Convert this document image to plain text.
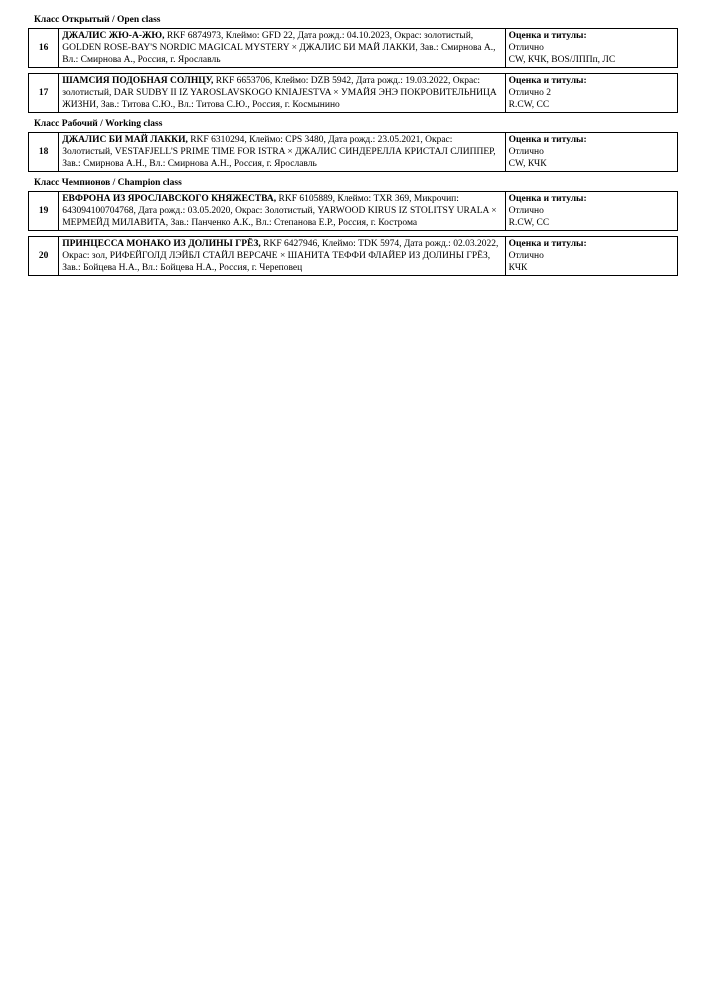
Класс Открытый / Open class
16	ДЖАЛИС ЖЮ-А-ЖЮ, RKF 6874973, Клеймо: GFD 22, Дата рожд.: 04.10.2023, Окрас: золотистый, GOLDEN ROSE-BAY'S NORDIC MAGICAL MYSTERY × ДЖАЛИС БИ МАЙ ЛАККИ, Зав.: Смирнова А., Вл.: Смирнова А., Россия, г. Ярославль	
Оценка и титулы:
Отлично
CW, КЧК, BOS/ЛППп, ЛС
17	ШАМСИЯ ПОДОБНАЯ СОЛНЦУ, RKF 6653706, Клеймо: DZB 5942, Дата рожд.: 19.03.2022, Окрас: золотистый, DAR SUDBY II IZ YAROSLAVSKOGO KNIAJESTVA × УМАЙЯ ЭНЭ ПОКРОВИТЕЛЬНИЦА ЖИЗНИ, Зав.: Титова С.Ю., Вл.: Титова С.Ю., Россия, г. Космынино	
Оценка и титулы:
Отлично 2
R.CW, CC
Класс Рабочий / Working class
18	ДЖАЛИС БИ МАЙ ЛАККИ, RKF 6310294, Клеймо: CPS 3480, Дата рожд.: 23.05.2021, Окрас: Золотистый, VESTAFJELL'S PRIME TIME FOR ISTRA × ДЖАЛИС СИНДЕРЕЛЛА КРИСТАЛ СЛИППЕР, Зав.: Смирнова А.Н., Вл.: Смирнова А.Н., Россия, г. Ярославль	
Оценка и титулы:
Отлично
CW, КЧК
Класс Чемпионов / Champion class
19	ЕВФРОНА ИЗ ЯРОСЛАВСКОГО КНЯЖЕСТВА, RKF 6105889, Клеймо: TXR 369, Микрочип: 643094100704768, Дата рожд.: 03.05.2020, Окрас: Золотистый, YARWOOD KIRUS IZ STOLITSY URALA × МЕРМЕЙД МИЛАВИТА, Зав.: Панченко А.К., Вл.: Степанова Е.Р., Россия, г. Кострома	
Оценка и титулы:
Отлично
R.CW, CC
20	ПРИНЦЕССА МОНАКО ИЗ ДОЛИНЫ ГРЁЗ, RKF 6427946, Клеймо: TDK 5974, Дата рожд.: 02.03.2022, Окрас: зол, РИФЕЙГОЛД ЛЭЙБЛ СТАЙЛ ВЕРСАЧЕ × ШАНИТА ТЕФФИ ФЛАЙЕР ИЗ ДОЛИНЫ ГРЁЗ, Зав.: Бойцева Н.А., Вл.: Бойцева Н.А., Россия, г. Череповец	
Оценка и титулы:
Отлично
КЧК
